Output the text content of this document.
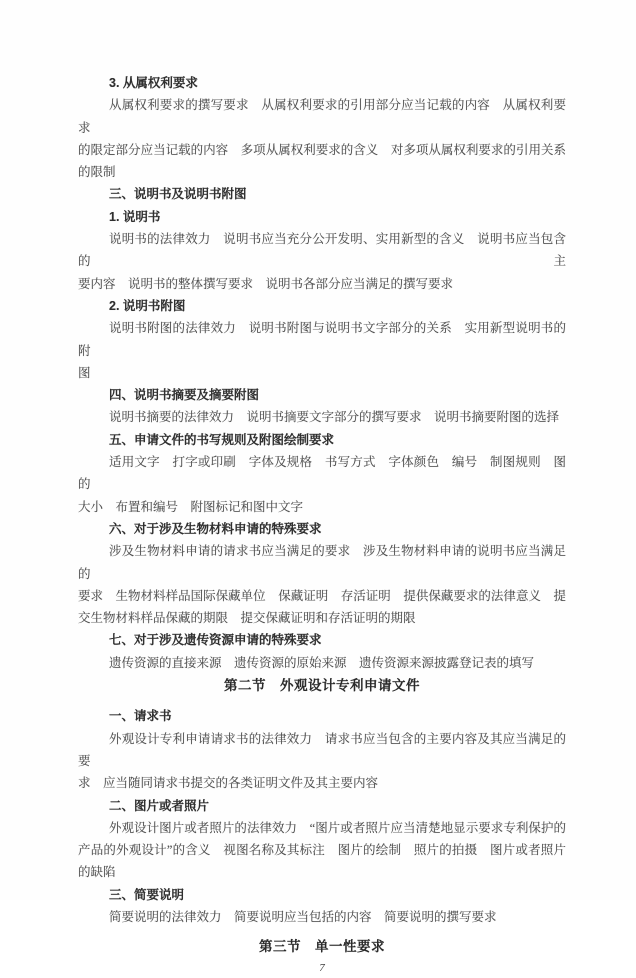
3. 从属权利要求
从属权利要求的撰写要求　从属权利要求的引用部分应当记载的内容　从属权利要求
的限定部分应当记载的内容　多项从属权利要求的含义　对多项从属权利要求的引用关系
的限制
三、说明书及说明书附图
1. 说明书
说明书的法律效力　说明书应当充分公开发明、实用新型的含义　说明书应当包含的主
要内容　说明书的整体撰写要求　说明书各部分应当满足的撰写要求
2. 说明书附图
说明书附图的法律效力　说明书附图与说明书文字部分的关系　实用新型说明书的附
图
四、说明书摘要及摘要附图
说明书摘要的法律效力　说明书摘要文字部分的撰写要求　说明书摘要附图的选择
五、申请文件的书写规则及附图绘制要求
适用文字　打字或印刷　字体及规格　书写方式　字体颜色　编号　制图规则　图的
大小　布置和编号　附图标记和图中文字
六、对于涉及生物材料申请的特殊要求
涉及生物材料申请的请求书应当满足的要求　涉及生物材料申请的说明书应当满足的
要求　生物材料样品国际保藏单位　保藏证明　存活证明　提供保藏要求的法律意义　提
交生物材料样品保藏的期限　提交保藏证明和存活证明的期限
七、对于涉及遗传资源申请的特殊要求
遗传资源的直接来源　遗传资源的原始来源　遗传资源来源披露登记表的填写
第二节　外观设计专利申请文件
一、请求书
外观设计专利申请请求书的法律效力　请求书应当包含的主要内容及其应当满足的要
求　应当随同请求书提交的各类证明文件及其主要内容
二、图片或者照片
外观设计图片或者照片的法律效力　“图片或者照片应当清楚地显示要求专利保护的
产品的外观设计”的含义　视图名称及其标注　图片的绘制　照片的拍摄　图片或者照片
的缺陷
三、简要说明
简要说明的法律效力　简要说明应当包括的内容　简要说明的撰写要求
第三节　单一性要求
7
